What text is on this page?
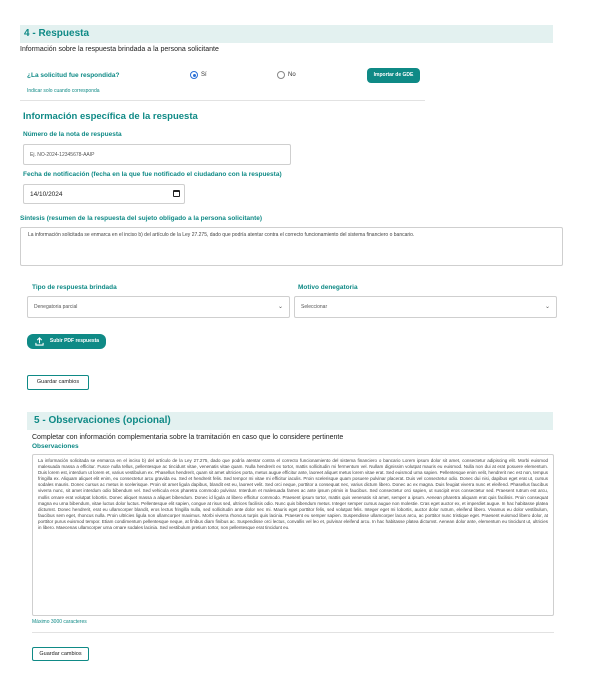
4 - Respuesta
Información sobre la respuesta brindada a la persona solicitante
¿La solicitud fue respondida?	Sí	No	Importar de GDE
Indicar solo cuando corresponda
Información específica de la respuesta
Número de la nota de respuesta
Ej. NO-2024-12345678-AAIP
Fecha de notificación (fecha en la que fue notificado el ciudadano con la respuesta)
14/10/2024
Síntesis (resumen de la respuesta del sujeto obligado a la persona solicitante)
La información solicitada se enmarca en el inciso b) del artículo de la Ley 27.275, dado que podría atentar contra el correcto funcionamiento del sistema financiero o bancario.
Tipo de respuesta brindada
Denegatoria parcial	⌄
Motivo denegatoria
Seleccionar	⌄
Subir PDF respuesta
Guardar cambios
5 - Observaciones (opcional)
Completar con información complementaria sobre la tramitación en caso que lo considere pertinente
Observaciones
La información solicitada se enmarca en el inciso b) del artículo de la Ley 27.275, dado que podría atentar contra el correcto funcionamiento del sistema financiero o bancario Lorem ipsum dolor sit amet, consectetur adipiscing elit. Morbi euismod malesuada massa a efficitur. Fusce nulla tellus, pellentesque ac tincidunt vitae, venenatis vitae quam. Nulla hendrerit ex tortor, mattis sollicitudin mi fermentum vel. Nullam dignissim volutpat mauris eu euismod. Nulla non dui at erat posuere elementum. Duis lorem est, interdum ut lorem et, varius vestibulum ex. Phasellus hendrerit, quam sit amet ultricies porta, metus augue efficitur ante, laoreet aliquet metus lorem vitae erat. Sed euismod urna sapien. Pellentesque enim velit, hendrerit nec est non, tempus fringilla ex. Aliquam aliquet elit enim, eu consectetur arcu gravida eu. Sed et hendrerit felis. Sed tempor mi vitae mi efficitur iaculis. Proin scelerisque quam posuere pulvinar placerat. Duis vel consectetur odio. Donec dui nisi, dapibus eget erat ut, cursus sodales mauris. Donec cursus ac metus in scelerisque. Proin sit amet ligula dapibus, blandit est eu, laoreet velit. Sed orci neque, porttitor a consequat nec, varius dictum libero. Donec ac ex magna. Duis feugiat viverra nunc et eleifend. Phasellus faucibus viverra nunc, sit amet interdum odio bibendum vel. Sed vehicula eros pharetra commodo pulvinar. Interdum et malesuada fames ac ante ipsum primis in faucibus. Sed consectetur orci sapien, ut suscipit eros consectetur sed. Praesent rutrum est arcu, mollis ornare erat volutpat lobortis. Donec aliquet massa a aliquet bibendum. Donec id ligula at libero efficitur commodo. Praesent ipsum tortor, mattis quis venenatis sit amet, semper a ipsum. Aenean pharetra aliquam erat quis facilisis. Proin consequat magna eu urna bibendum, vitae luctus dolor luctus. Pellentesque elit sapien, congue at risus sed, ultrices facilisis odio. Nunc quis bibendum metus. Integer semper cursus augue non molestie. Cras eget auctor ex, et imperdiet augue. In hac habitasse platea dictumst. Donec hendrerit, erat eu ullamcorper blandit, eros lectus fringilla nulla, sed sollicitudin ante dolor nec mi. Mauris eget porttitor felis, sed volutpat felis. Integer eget mi lobortis, auctor dolor rutrum, eleifend libero. Vivamus eu dolor vestibulum, faucibus sem eget, rhoncus nulla. Proin ultricies ligula non ullamcorper maximus. Morbi viverra rhoncus turpis quis lacinia. Praesent eu semper sapien. Suspendisse ullamcorper lacus arcu, ac porttitor nunc tristique eget. Praesent euismod libero dolor, at porttitor purus euismod tempor. Etiam condimentum pellentesque neque, at finibus diam finibus ac. Suspendisse orci lectus, convallis vel leo et, pulvinar eleifend arcu. In hac habitasse platea dictumst. Aenean dolor ante, elementum eu tincidunt ut, ultricies in libero. Maecenas ullamcorper urna ornare sodales lacinia. Sed vestibulum pretium tortor, non pellentesque erat tincidunt eu.
Máximo 3000 caracteres
Guardar cambios
